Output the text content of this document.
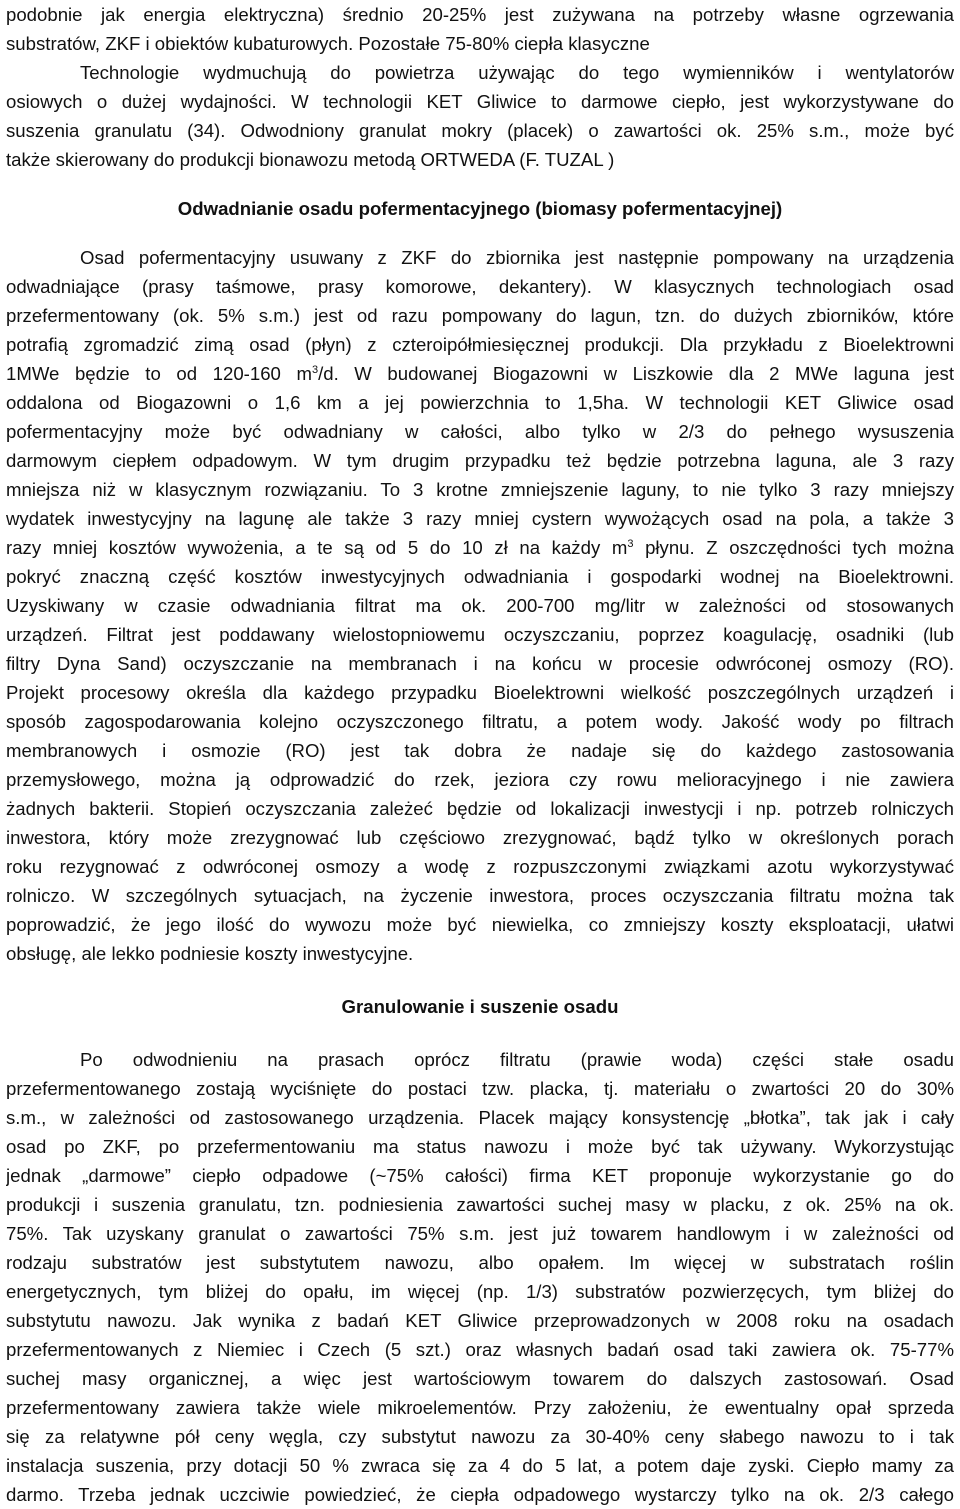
podobnie jak energia elektryczna) średnio 20-25% jest zużywana na potrzeby własne ogrzewania
substratów, ZKF i obiektów kubaturowych. Pozostałe 75-80% ciepła klasyczne
Technologie wydmuchują do powietrza używając do tego wymienników i wentylatorów
osiowych o dużej wydajności. W technologii KET Gliwice to darmowe ciepło, jest wykorzystywane do
suszenia granulatu (34). Odwodniony granulat mokry (placek) o zawartości ok. 25% s.m., może być
także skierowany do produkcji bionawozu metodą ORTWEDA (F. TUZAL )
Odwadnianie osadu pofermentacyjnego (biomasy pofermentacyjnej)
Osad pofermentacyjny usuwany z ZKF do zbiornika jest następnie pompowany na urządzenia
odwadniające (prasy taśmowe, prasy komorowe, dekantery). W klasycznych technologiach osad
przefermentowany (ok. 5% s.m.) jest od razu pompowany do lagun, tzn. do dużych zbiorników, które
potrafią zgromadzić zimą osad (płyn) z czteroipółmiesięcznej produkcji. Dla przykładu z Bioelektrowni
1MWe będzie to od 120-160 $m^3/d$. W budowanej Biogazowni w Liszkowie dla 2 MWe laguna jest
oddalona od Biogazowni o 1,6 km a jej powierzchnia to 1,5ha. W technologii KET Gliwice osad
pofermentacyjny może być odwadniany w całości, albo tylko w 2/3 do pełnego wysuszenia
darmowym ciepłem odpadowym. W tym drugim przypadku też będzie potrzebna laguna, ale 3 razy
mniejsza niż w klasycznym rozwiązaniu. To 3 krotne zmniejszenie laguny, to nie tylko 3 razy mniejszy
wydatek inwestycyjny na lagunę ale także 3 razy mniej cystern wywożących osad na pola, a także 3
razy mniej kosztów wywożenia, a te są od 5 do 10 zł na każdy $m^3$ płynu. Z oszczędności tych można
pokryć znaczną część kosztów inwestycyjnych odwadniania i gospodarki wodnej na Bioelektrowni.
Uzyskiwany w czasie odwadniania filtrat ma ok. 200-700 mg/litr w zależności od stosowanych
urządzeń. Filtrat jest poddawany wielostopniowemu oczyszczaniu, poprzez koagulację, osadniki (lub
filtry Dyna Sand) oczyszczanie na membranach i na końcu w procesie odwróconej osmozy (RO).
Projekt procesowy określa dla każdego przypadku Bioelektrowni wielkość poszczególnych urządzeń i
sposób zagospodarowania kolejno oczyszczonego filtratu, a potem wody. Jakość wody po filtrach
membranowych i osmozie (RO) jest tak dobra że nadaje się do każdego zastosowania
przemysłowego, można ją odprowadzić do rzek, jeziora czy rowu melioracyjnego i nie zawiera
żadnych bakterii. Stopień oczyszczania zależeć będzie od lokalizacji inwestycji i np. potrzeb rolniczych
inwestora, który może zrezygnować lub częściowo zrezygnować, bądź tylko w określonych porach
roku rezygnować z odwróconej osmozy a wodę z rozpuszczonymi związkami azotu wykorzystywać
rolniczo. W szczególnych sytuacjach, na życzenie inwestora, proces oczyszczania filtratu można tak
poprowadzić, że jego ilość do wywozu może być niewielka, co zmniejszy koszty eksploatacji, ułatwi
obsługę, ale lekko podniesie koszty inwestycyjne.
Granulowanie i suszenie osadu
Po odwodnieniu na prasach oprócz filtratu (prawie woda) części stałe osadu
przefermentowanego zostają wyciśnięte do postaci tzw. placka, tj. materiału o zwartości 20 do 30%
s.m., w zależności od zastosowanego urządzenia. Placek mający konsystencję „błotka”, tak jak i cały
osad po ZKF, po przefermentowaniu ma status nawozu i może być tak używany. Wykorzystując
jednak „darmowe” ciepło odpadowe (~75% całości) firma KET proponuje wykorzystanie go do
produkcji i suszenia granulatu, tzn. podniesienia zawartości suchej masy w placku, z ok. 25% na ok.
75%. Tak uzyskany granulat o zawartości 75% s.m. jest już towarem handlowym i w zależności od
rodzaju substratów jest substytutem nawozu, albo opałem. Im więcej w substratach roślin
energetycznych, tym bliżej do opału, im więcej (np. 1/3) substratów pozwierzęcych, tym bliżej do
substytutu nawozu. Jak wynika z badań KET Gliwice przeprowadzonych w 2008 roku na osadach
przefermentowanych z Niemiec i Czech (5 szt.) oraz własnych badań osad taki zawiera ok. 75-77%
suchej masy organicznej, a więc jest wartościowym towarem do dalszych zastosowań. Osad
przefermentowany zawiera także wiele mikroelementów. Przy założeniu, że ewentualny opał sprzeda
się za relatywne pół ceny węgla, czy substytut nawozu za 30-40% ceny słabego nawozu to i tak
instalacja suszenia, przy dotacji 50 % zwraca się za 4 do 5 lat, a potem daje zyski. Ciepło mamy za
darmo. Trzeba jednak uczciwie powiedzieć, że ciepła odpadowego wystarczy tylko na ok. 2/3 całego
